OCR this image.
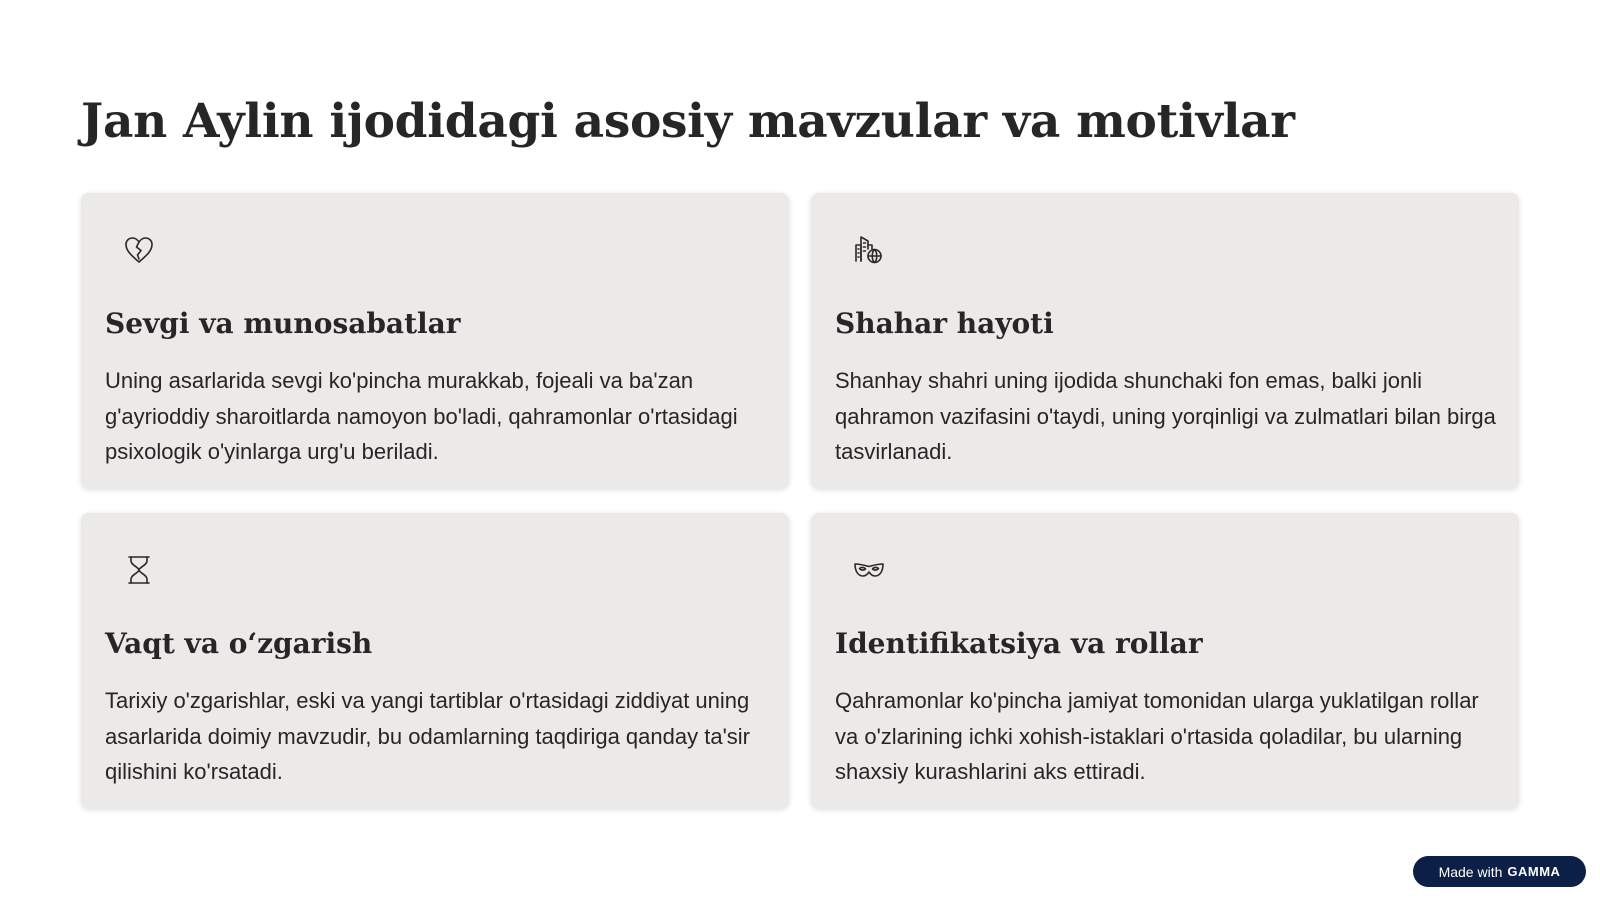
Jan Aylin ijodidagi asosiy mavzular va motivlar
Sevgi va munosabatlar

Uning asarlarida sevgi ko'pincha murakkab, fojeali va ba'zan g'ayrioddiy sharoitlarda namoyon bo'ladi, qahramonlar o'rtasidagi psixologik o'yinlarga urg'u beriladi.

Shahar hayoti

Shanhay shahri uning ijodida shunchaki fon emas, balki jonli qahramon vazifasini o'taydi, uning yorqinligi va zulmatlari bilan birga tasvirlanadi.

Vaqt va oʻzgarish

Tarixiy o'zgarishlar, eski va yangi tartiblar o'rtasidagi ziddiyat uning asarlarida doimiy mavzudir, bu odamlarning taqdiriga qanday ta'sir qilishini ko'rsatadi.

Identifikatsiya va rollar

Qahramonlar ko'pincha jamiyat tomonidan ularga yuklatilgan rollar va o'zlarining ichki xohish-istaklari o'rtasida qoladilar, bu ularning shaxsiy kurashlarini aks ettiradi.

Made with GAMMA
